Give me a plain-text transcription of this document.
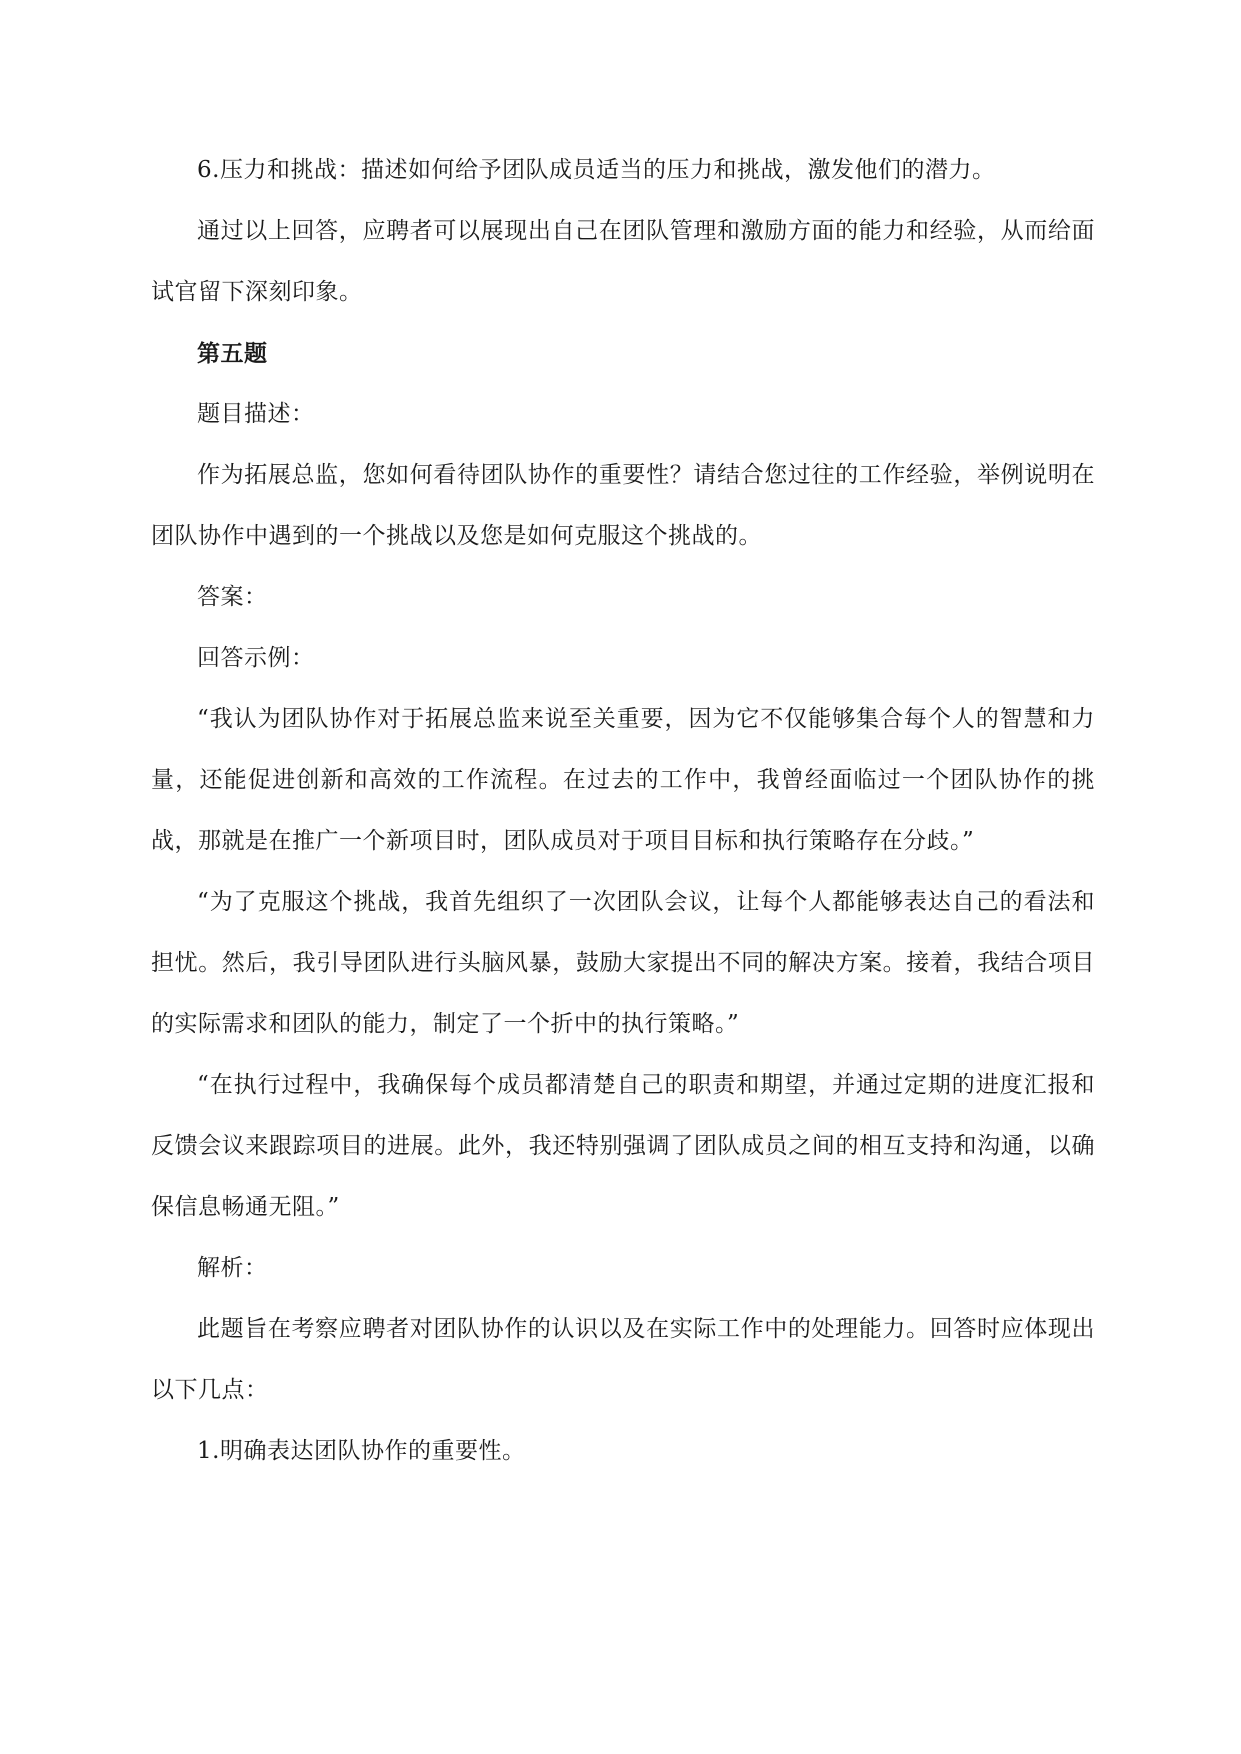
6.压力和挑战：描述如何给予团队成员适当的压力和挑战，激发他们的潜力。

通过以上回答，应聘者可以展现出自己在团队管理和激励方面的能力和经验，从而给面试官留下深刻印象。

第五题

题目描述：

作为拓展总监，您如何看待团队协作的重要性？请结合您过往的工作经验，举例说明在团队协作中遇到的一个挑战以及您是如何克服这个挑战的。

答案：

回答示例：

“我认为团队协作对于拓展总监来说至关重要，因为它不仅能够集合每个人的智慧和力量，还能促进创新和高效的工作流程。在过去的工作中，我曾经面临过一个团队协作的挑战，那就是在推广一个新项目时，团队成员对于项目目标和执行策略存在分歧。”

“为了克服这个挑战，我首先组织了一次团队会议，让每个人都能够表达自己的看法和担忧。然后，我引导团队进行头脑风暴，鼓励大家提出不同的解决方案。接着，我结合项目的实际需求和团队的能力，制定了一个折中的执行策略。”

“在执行过程中，我确保每个成员都清楚自己的职责和期望，并通过定期的进度汇报和反馈会议来跟踪项目的进展。此外，我还特别强调了团队成员之间的相互支持和沟通，以确保信息畅通无阻。”

解析：

此题旨在考察应聘者对团队协作的认识以及在实际工作中的处理能力。回答时应体现出以下几点：

1.明确表达团队协作的重要性。
